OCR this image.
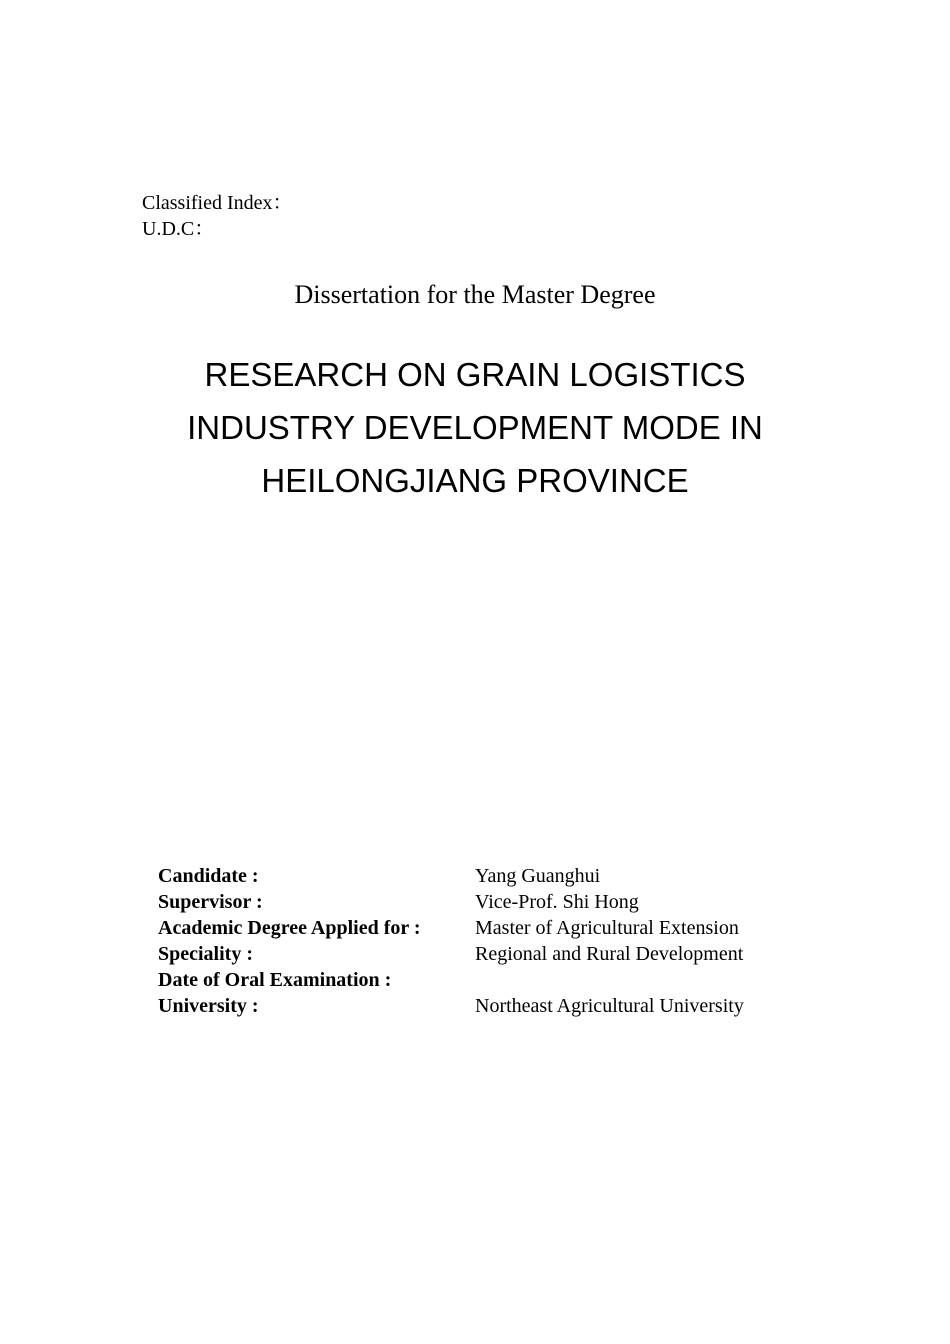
Classified Index：
U.D.C：
Dissertation for the Master Degree
RESEARCH ON GRAIN LOGISTICS
INDUSTRY DEVELOPMENT MODE IN
HEILONGJIANG PROVINCE
Candidate :	Yang Guanghui
Supervisor :	Vice-Prof. Shi Hong
Academic Degree Applied for :	Master of Agricultural Extension
Speciality :	Regional and Rural Development
Date of Oral Examination :	
University :	Northeast Agricultural University
